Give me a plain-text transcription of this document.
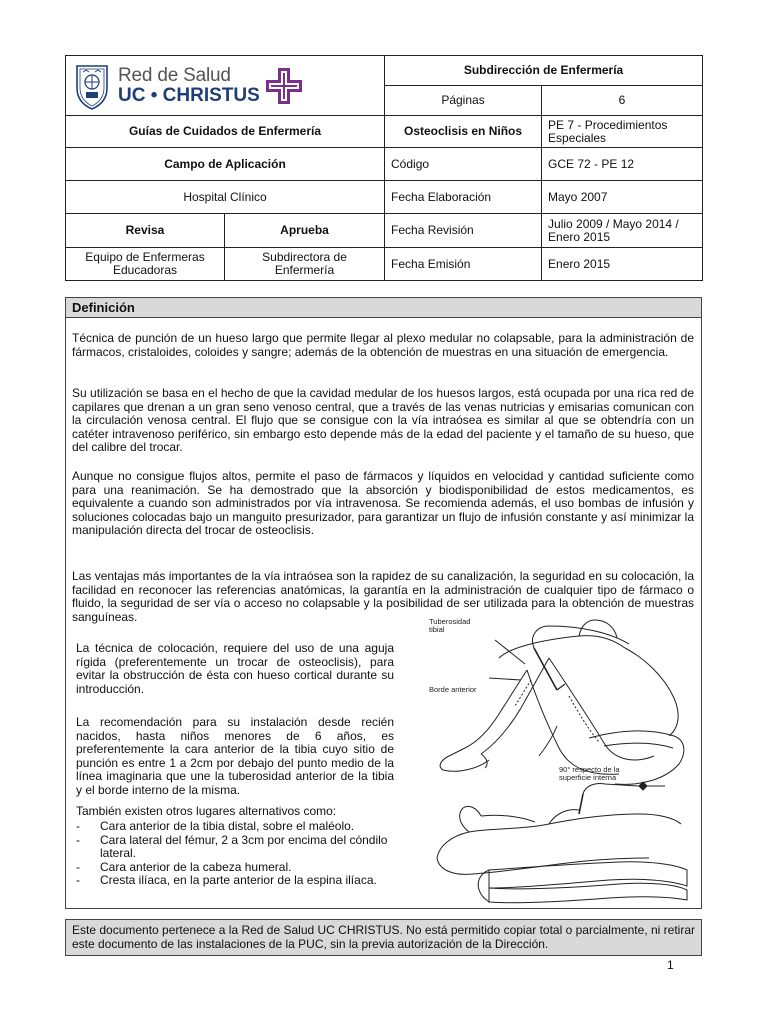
Red de Salud
UC • CHRISTUS		Subdirección de Enfermería	
		Páginas	6
Guías de Cuidados de Enfermería		Osteoclisis en Niños	PE 7 - Procedimientos Especiales
Campo de Aplicación		Código	GCE 72 - PE 12
Hospital Clínico		Fecha Elaboración	Mayo 2007
Revisa	Aprueba	Fecha Revisión	Julio 2009 / Mayo 2014 / Enero 2015
Equipo de Enfermeras Educadoras	Subdirectora de Enfermería	Fecha Emisión	Enero 2015
Definición
Técnica de punción de un hueso largo que permite llegar al plexo medular no colapsable, para la administración de fármacos, cristaloides, coloides y sangre; además de la obtención de muestras en una situación de emergencia.
Su utilización se basa en el hecho de que la cavidad medular de los huesos largos, está ocupada por una rica red de capilares que drenan a un gran seno venoso central, que a través de las venas nutricias y emisarias comunican con la circulación venosa central. El flujo que se consigue con la vía intraósea es similar al que se obtendría con un catéter intravenoso periférico, sin embargo esto depende más de la edad del paciente y el tamaño de su hueso, que del calibre del trocar.
Aunque no consigue flujos altos, permite el paso de fármacos y líquidos en velocidad y cantidad suficiente como para una reanimación. Se ha demostrado que la absorción y biodisponibilidad de estos medicamentos, es equivalente a cuando son administrados por vía intravenosa. Se recomienda además, el uso bombas de infusión y soluciones colocadas bajo un manguito presurizador, para garantizar un flujo de infusión constante y así minimizar la manipulación directa del trocar de osteoclisis.
Las ventajas más importantes de la vía intraósea son la rapidez de su canalización, la seguridad en su colocación, la facilidad en reconocer las referencias anatómicas, la garantía en la administración de cualquier tipo de fármaco o fluido, la seguridad de ser vía o acceso no colapsable y la posibilidad de ser utilizada para la obtención de muestras sanguíneas.
La técnica de colocación, requiere del uso de una aguja rígida (preferentemente un trocar de osteoclisis), para evitar la obstrucción de ésta con hueso cortical durante su introducción.
La recomendación para su instalación desde recién nacidos, hasta niños menores de 6 años, es preferentemente la cara anterior de la tibia cuyo sitio de punción es entre 1 a 2cm por debajo del punto medio de la línea imaginaria que une la tuberosidad anterior de la tibia y el borde interno de la misma.
También existen otros lugares alternativos como:
- Cara anterior de la tibia distal, sobre el maléolo.
- Cara lateral del fémur, 2 a 3cm por encima del cóndilo lateral.
- Cara anterior de la cabeza humeral.
- Cresta ilíaca, en la parte anterior de la espina ilíaca.
Tuberosidad tibial
Borde anterior
90° respecto de la superficie interna
Este documento pertenece a la Red de Salud UC CHRISTUS. No está permitido copiar total o parcialmente, ni retirar este documento de las instalaciones de la PUC, sin la previa autorización de la Dirección.
1
